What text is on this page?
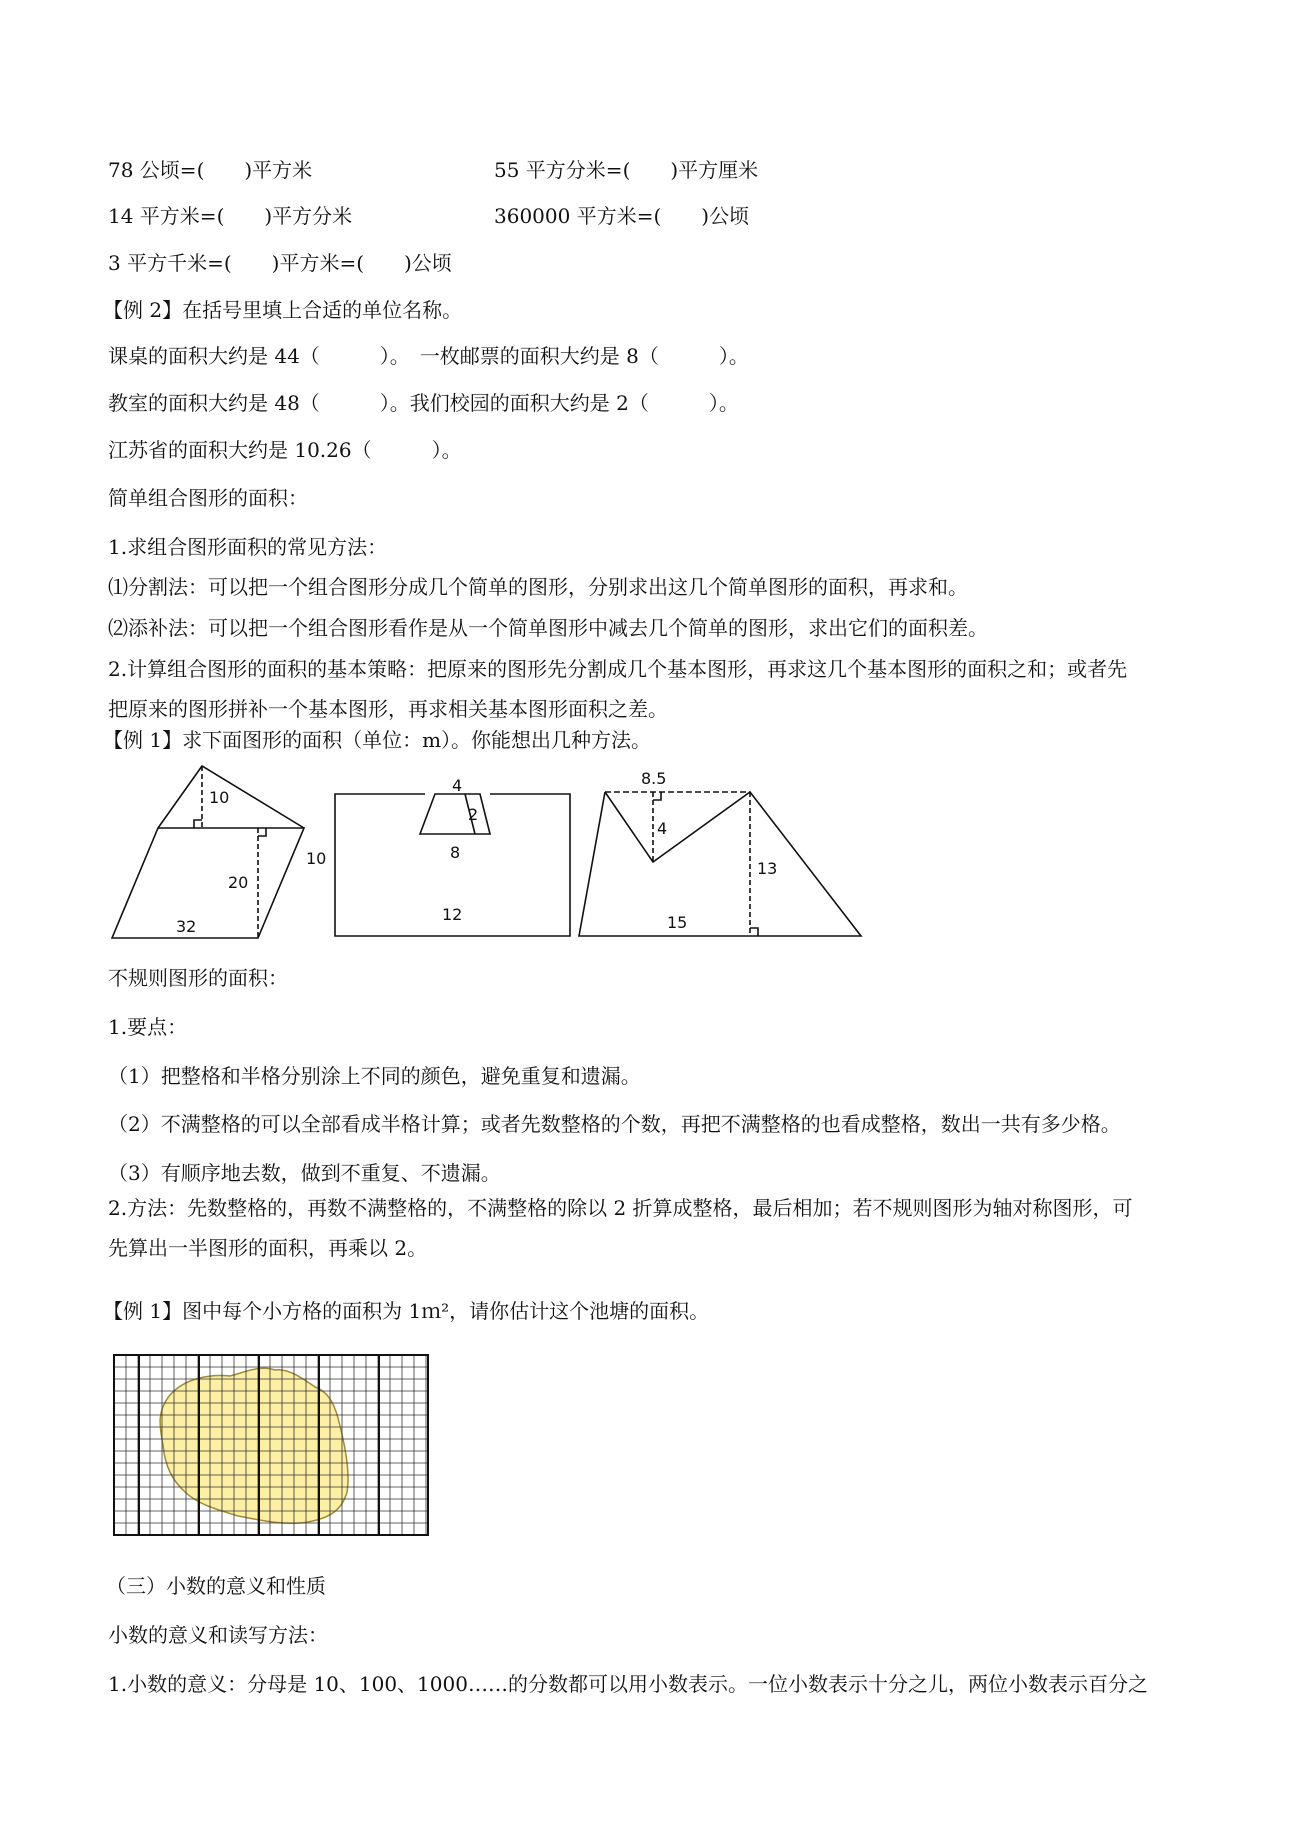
78 公顷=(　　)平方米	55 平方分米=(　　)平方厘米
14 平方米=(　　)平方分米	360000 平方米=(　　)公顷
3 平方千米=(　　)平方米=(　　)公顷
【例 2】在括号里填上合适的单位名称。
课桌的面积大约是 44（　　　）。　一枚邮票的面积大约是 8（　　　）。
教室的面积大约是 48（　　　）。我们校园的面积大约是 2（　　　）。
江苏省的面积大约是 10.26（　　　）。
简单组合图形的面积：
1.求组合图形面积的常见方法：
⑴分割法：可以把一个组合图形分成几个简单的图形，分别求出这几个简单图形的面积，再求和。
⑵添补法：可以把一个组合图形看作是从一个简单图形中减去几个简单的图形，求出它们的面积差。
2.计算组合图形的面积的基本策略：把原来的图形先分割成几个基本图形，再求这几个基本图形的面积之和；或者先
把原来的图形拼补一个基本图形，再求相关基本图形面积之差。
【例 1】求下面图形的面积（单位：m）。你能想出几种方法。
10
10
20
32
4
2
8
12
8.5
4
13
15
不规则图形的面积：
1.要点：
（1）把整格和半格分别涂上不同的颜色，避免重复和遗漏。
（2）不满整格的可以全部看成半格计算；或者先数整格的个数，再把不满整格的也看成整格，数出一共有多少格。
（3）有顺序地去数，做到不重复、不遗漏。
2.方法：先数整格的，再数不满整格的，不满整格的除以 2 折算成整格，最后相加；若不规则图形为轴对称图形，可
先算出一半图形的面积，再乘以 2。
【例 1】图中每个小方格的面积为 1ｍ²，请你估计这个池塘的面积。
（三）小数的意义和性质
小数的意义和读写方法：
1.小数的意义：分母是 10、100、1000……的分数都可以用小数表示。一位小数表示十分之儿，两位小数表示百分之
